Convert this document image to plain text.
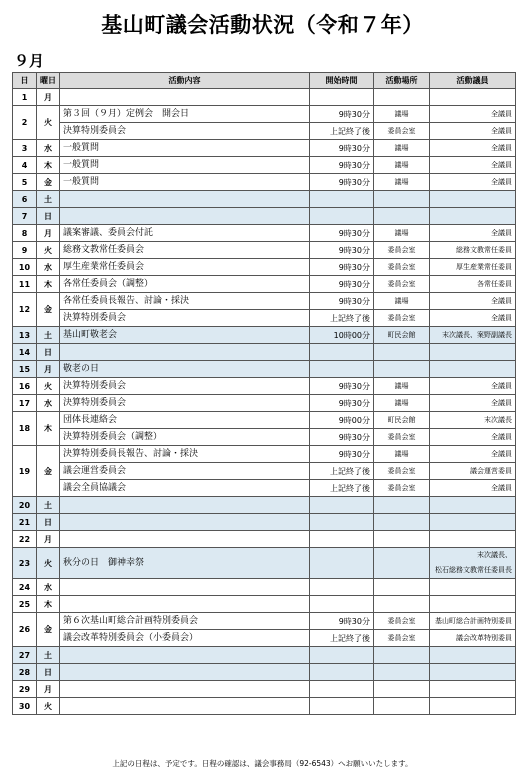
基山町議会活動状況（令和７年）
９月
日	曜日	活動内容	開始時間	活動場所	活動議員
1	月				
2	火	第３回（９月）定例会　開会日	9時30分	議場	全議員
		決算特別委員会	上記終了後	委員会室	全議員
3	水	一般質問	9時30分	議場	全議員
4	木	一般質問	9時30分	議場	全議員
5	金	一般質問	9時30分	議場	全議員
6	土				
7	日				
8	月	議案審議、委員会付託	9時30分	議場	全議員
9	火	総務文教常任委員会	9時30分	委員会室	総務文教常任委員
10	水	厚生産業常任委員会	9時30分	委員会室	厚生産業常任委員
11	木	各常任委員会（調整）	9時30分	委員会室	各常任委員
12	金	各常任委員長報告、討論・採決	9時30分	議場	全議員
		決算特別委員会	上記終了後	委員会室	全議員
13	土	基山町敬老会	10時00分	町民会館	末次議長、案野副議長
14	日				
15	月	敬老の日			
16	火	決算特別委員会	9時30分	議場	全議員
17	水	決算特別委員会	9時30分	議場	全議員
18	木	団体長連絡会	9時00分	町民会館	末次議長
		決算特別委員会（調整）	9時30分	委員会室	全議員
19	金	決算特別委員長報告、討論・採決	9時30分	議場	全議員
		議会運営委員会	上記終了後	委員会室	議会運営委員
		議会全員協議会	上記終了後	委員会室	全議員
20	土				
21	日				
22	月				
23	火	秋分の日　御神幸祭			末次議長、
松石総務文教常任委員長
24	水				
25	木				
26	金	第６次基山町総合計画特別委員会	9時30分	委員会室	基山町総合計画特別委員
		議会改革特別委員会（小委員会）	上記終了後	委員会室	議会改革特別委員
27	土				
28	日				
29	月				
30	火				
上記の日程は、予定です。日程の確認は、議会事務局（92-6543）へお願いいたします。
